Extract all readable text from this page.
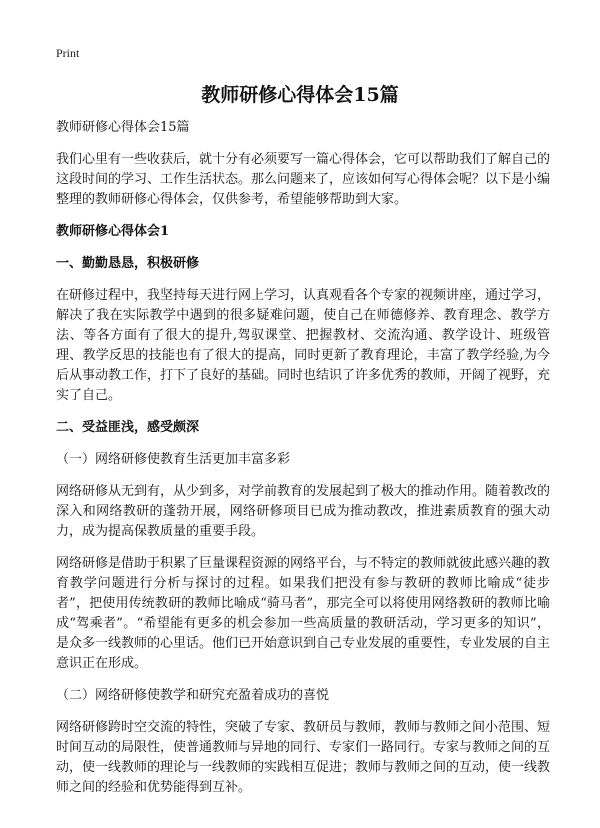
Print
教师研修心得体会15篇
教师研修心得体会15篇

我们心里有一些收获后，就十分有必须要写一篇心得体会，它可以帮助我们了解自己的这段时间的学习、工作生活状态。那么问题来了，应该如何写心得体会呢？以下是小编整理的教师研修心得体会，仅供参考，希望能够帮助到大家。

教师研修心得体会1
一、勤勤恳恳，积极研修

在研修过程中，我坚持每天进行网上学习，认真观看各个专家的视频讲座，通过学习，解决了我在实际教学中遇到的很多疑难问题，使自己在师德修养、教育理念、教学方法、等各方面有了很大的提升,驾驭课堂、把握教材、交流沟通、教学设计、班级管理、教学反思的技能也有了很大的提高，同时更新了教育理论，丰富了教学经验,为今后从事动教工作，打下了良好的基础。同时也结识了许多优秀的教师，开阔了视野，充实了自己。

二、受益匪浅，感受颇深
（一）网络研修使教育生活更加丰富多彩

网络研修从无到有，从少到多，对学前教育的发展起到了极大的推动作用。随着教改的深入和网络教研的蓬勃开展，网络研修项目已成为推动教改，推进素质教育的强大动力，成为提高保教质量的重要手段。

网络研修是借助于积累了巨量课程资源的网络平台，与不特定的教师就彼此感兴趣的教育教学问题进行分析与探讨的过程。如果我们把没有参与教研的教师比喻成“徒步者”，把使用传统教研的教师比喻成“骑马者”，那完全可以将使用网络教研的教师比喻成“驾乘者”。“希望能有更多的机会参加一些高质量的教研活动，学习更多的知识”，是众多一线教师的心里话。他们已开始意识到自己专业发展的重要性，专业发展的自主意识正在形成。

（二）网络研修使教学和研究充盈着成功的喜悦

网络研修跨时空交流的特性，突破了专家、教研员与教师，教师与教师之间小范围、短时间互动的局限性，使普通教师与异地的同行、专家们一路同行。专家与教师之间的互动，使一线教师的理论与一线教师的实践相互促进；教师与教师之间的互动，使一线教师之间的经验和优势能得到互补。
